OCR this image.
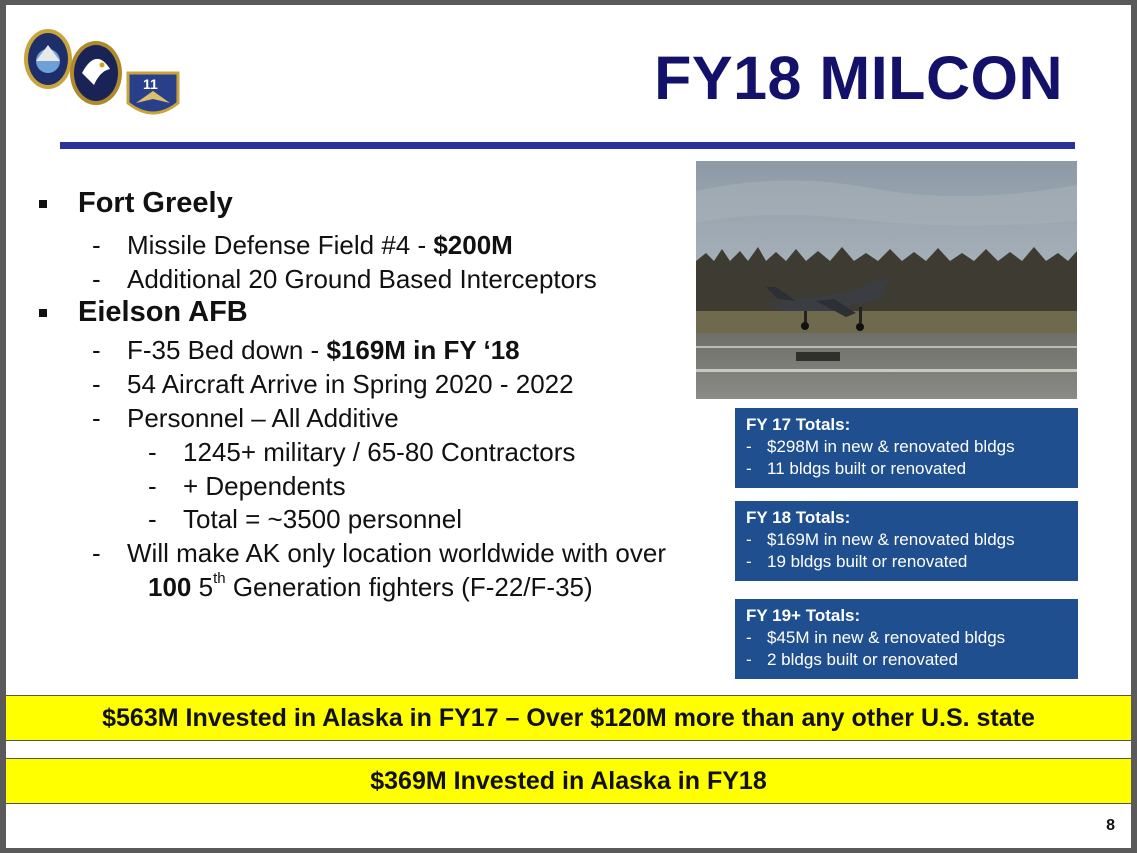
11	FY18 MILCON
Fort Greely
- Missile Defense Field #4 - $200M
- Additional 20 Ground Based Interceptors
Eielson AFB
- F-35 Bed down - $169M in FY ‘18
- 54 Aircraft Arrive in Spring 2020 - 2022
- Personnel – All Additive
- 1245+ military / 65-80 Contractors
- + Dependents
- Total = ~3500 personnel
- Will make AK only location worldwide with over
100 5th Generation fighters (F-22/F-35)
FY 17 Totals:
- $298M in new & renovated bldgs
- 11 bldgs built or renovated
FY 18 Totals:
- $169M in new & renovated bldgs
- 19 bldgs built or renovated
FY 19+ Totals:
- $45M in new & renovated bldgs
- 2 bldgs built or renovated
$563M Invested in Alaska in FY17 – Over $120M more than any other U.S. state
$369M Invested in Alaska in FY18
8
